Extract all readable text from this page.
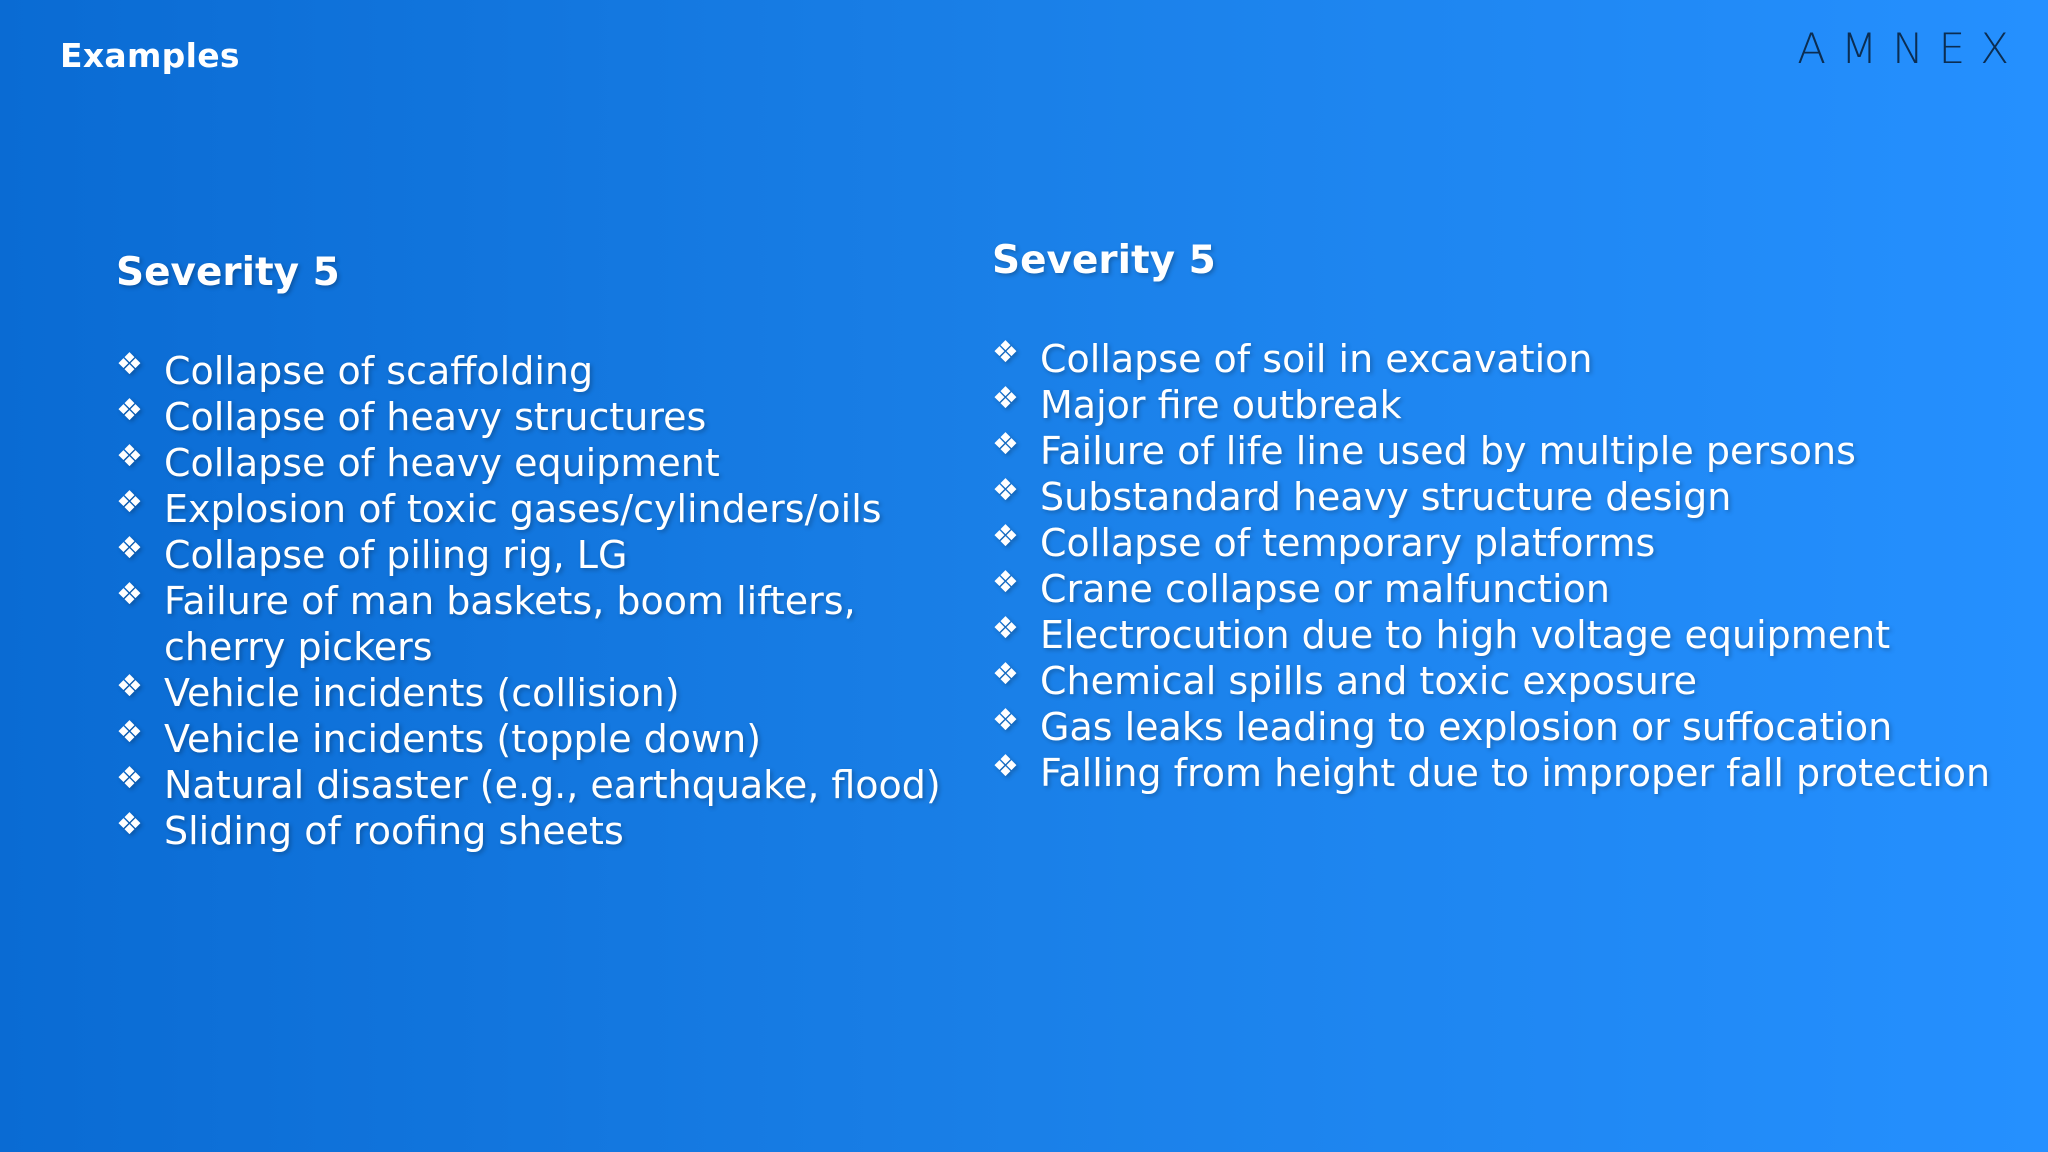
Examples	AMNEX
Severity 5
❖ Collapse of scaffolding
❖ Collapse of heavy structures
❖ Collapse of heavy equipment
❖ Explosion of toxic gases/cylinders/oils
❖ Collapse of piling rig, LG
❖ Failure of man baskets, boom lifters, cherry pickers
❖ Vehicle incidents (collision)
❖ Vehicle incidents (topple down)
❖ Natural disaster (e.g., earthquake, flood)
❖ Sliding of roofing sheets
Severity 5
❖ Collapse of soil in excavation
❖ Major fire outbreak
❖ Failure of life line used by multiple persons
❖ Substandard heavy structure design
❖ Collapse of temporary platforms
❖ Crane collapse or malfunction
❖ Electrocution due to high voltage equipment
❖ Chemical spills and toxic exposure
❖ Gas leaks leading to explosion or suffocation
❖ Falling from height due to improper fall protection
